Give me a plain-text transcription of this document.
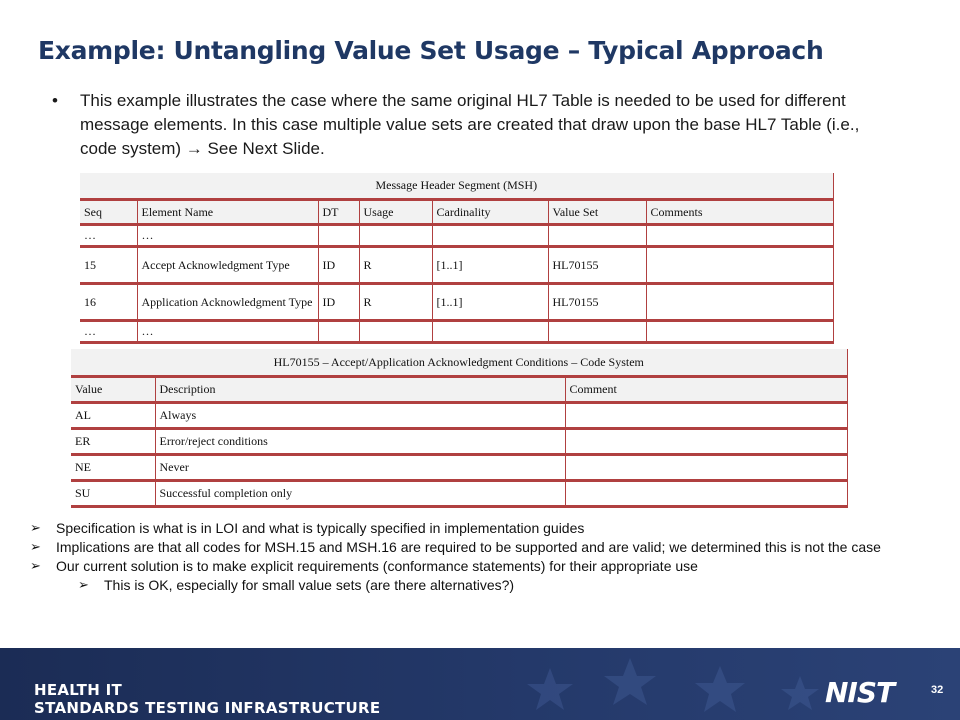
Example: Untangling Value Set Usage – Typical Approach
• This example illustrates the case where the same original HL7 Table is needed to be used for different message elements. In this case multiple value sets are created that draw upon the base HL7 Table (i.e., code system) → See Next Slide.
Message Header Segment (MSH)						
Seq	Element Name	DT	Usage	Cardinality	Value Set	Comments
…	…					
15	Accept Acknowledgment Type	ID	R	[1..1]	HL70155	
16	Application Acknowledgment Type	ID	R	[1..1]	HL70155	
…	…					
HL70155 – Accept/Application Acknowledgment Conditions – Code System		
Value	Description	Comment
AL	Always	
ER	Error/reject conditions	
NE	Never	
SU	Successful completion only	
➢ Specification is what is in LOI and what is typically specified in implementation guides
➢ Implications are that all codes for MSH.15 and MSH.16 are required to be supported and are valid; we determined this is not the case
➢ Our current solution is to make explicit requirements (conformance statements) for their appropriate use
➢ This is OK, especially for small value sets (are there alternatives?)
HEALTH IT
STANDARDS TESTING INFRASTRUCTURE	NIST	32
